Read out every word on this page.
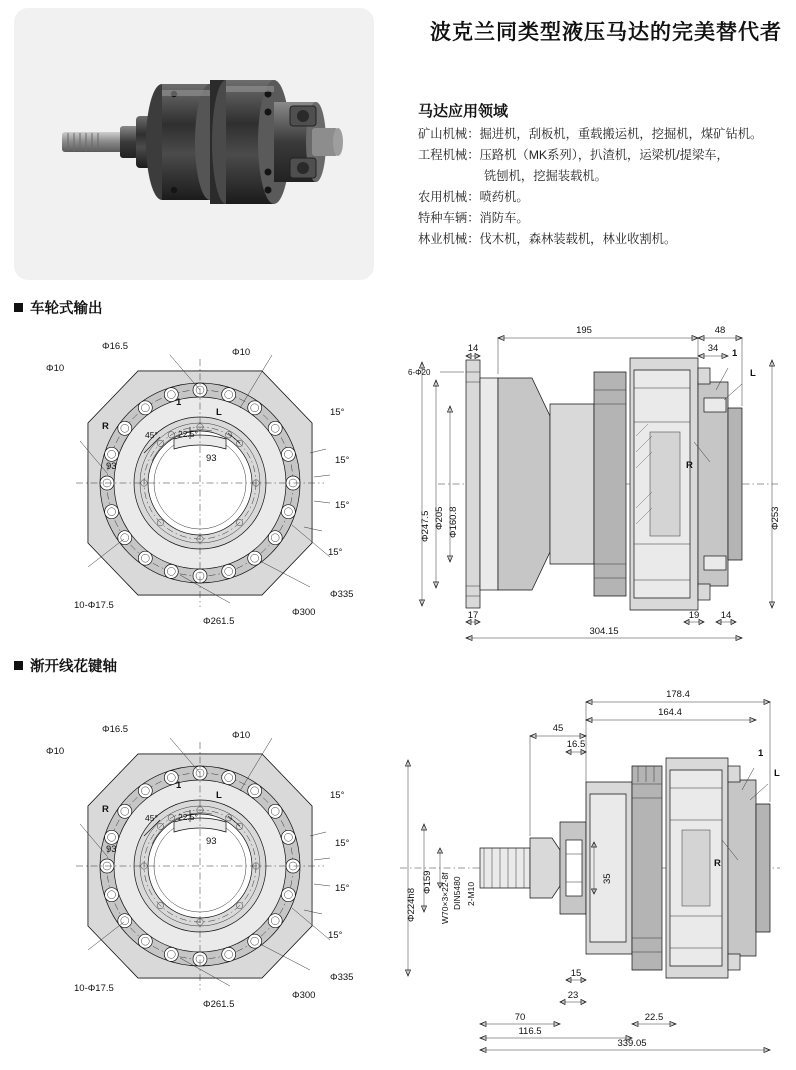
波克兰同类型液压马达的完美替代者
马达应用领域
矿山机械：掘进机，刮板机，重载搬运机，挖掘机，煤矿钻机。
工程机械：压路机（MK系列），扒渣机，运梁机/提梁车，
铣刨机，挖掘装载机。
农用机械：喷药机。
特种车辆：消防车。
林业机械：伐木机，森林装载机，林业收割机。
车轮式输出
Φ16.5
Φ10
Φ10
1
L
R
45° 22.5°
93
93
15°
15°
15°
15°
Φ335
Φ300
Φ261.5
10-Φ17.5
195	48
34
14
6-Φ20
17	19 14
304.15
Φ247.5 Φ205 Φ160.8	Φ253
1
L
R
渐开线花键轴
Φ16.5
Φ10
Φ10
1
L
R
45° 22.5°
93
93
15°
15°
15°
15°
Φ335
Φ300
Φ261.5
10-Φ17.5
178.4
164.4
45
16.5
15
23
70
116.5
22.5
339.05
Φ224h8
Φ159 W70×3×22-8f DIN5480 2-M10
35
1
L
R
